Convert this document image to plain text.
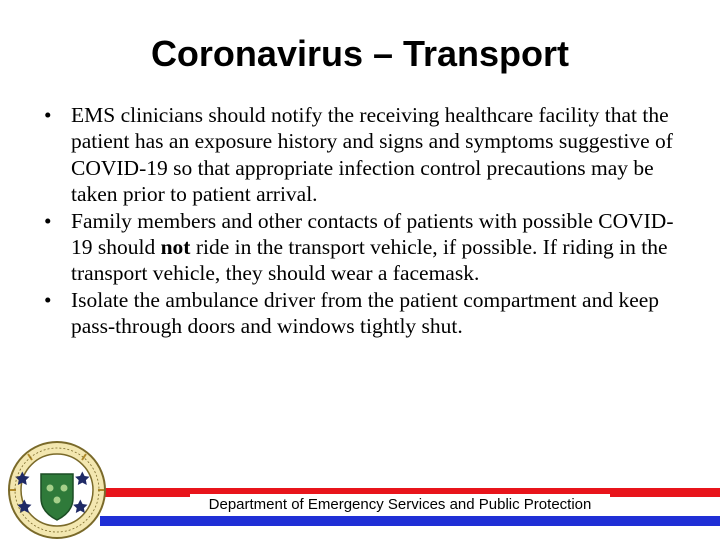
Coronavirus – Transport
• EMS clinicians should notify the receiving healthcare facility that the patient has an exposure history and signs and symptoms suggestive of COVID-19 so that appropriate infection control precautions may be taken prior to patient arrival.
• Family members and other contacts of patients with possible COVID-19 should not ride in the transport vehicle, if possible. If riding in the transport vehicle, they should wear a facemask.
• Isolate the ambulance driver from the patient compartment and keep pass-through doors and windows tightly shut.
Department of Emergency Services and Public Protection
